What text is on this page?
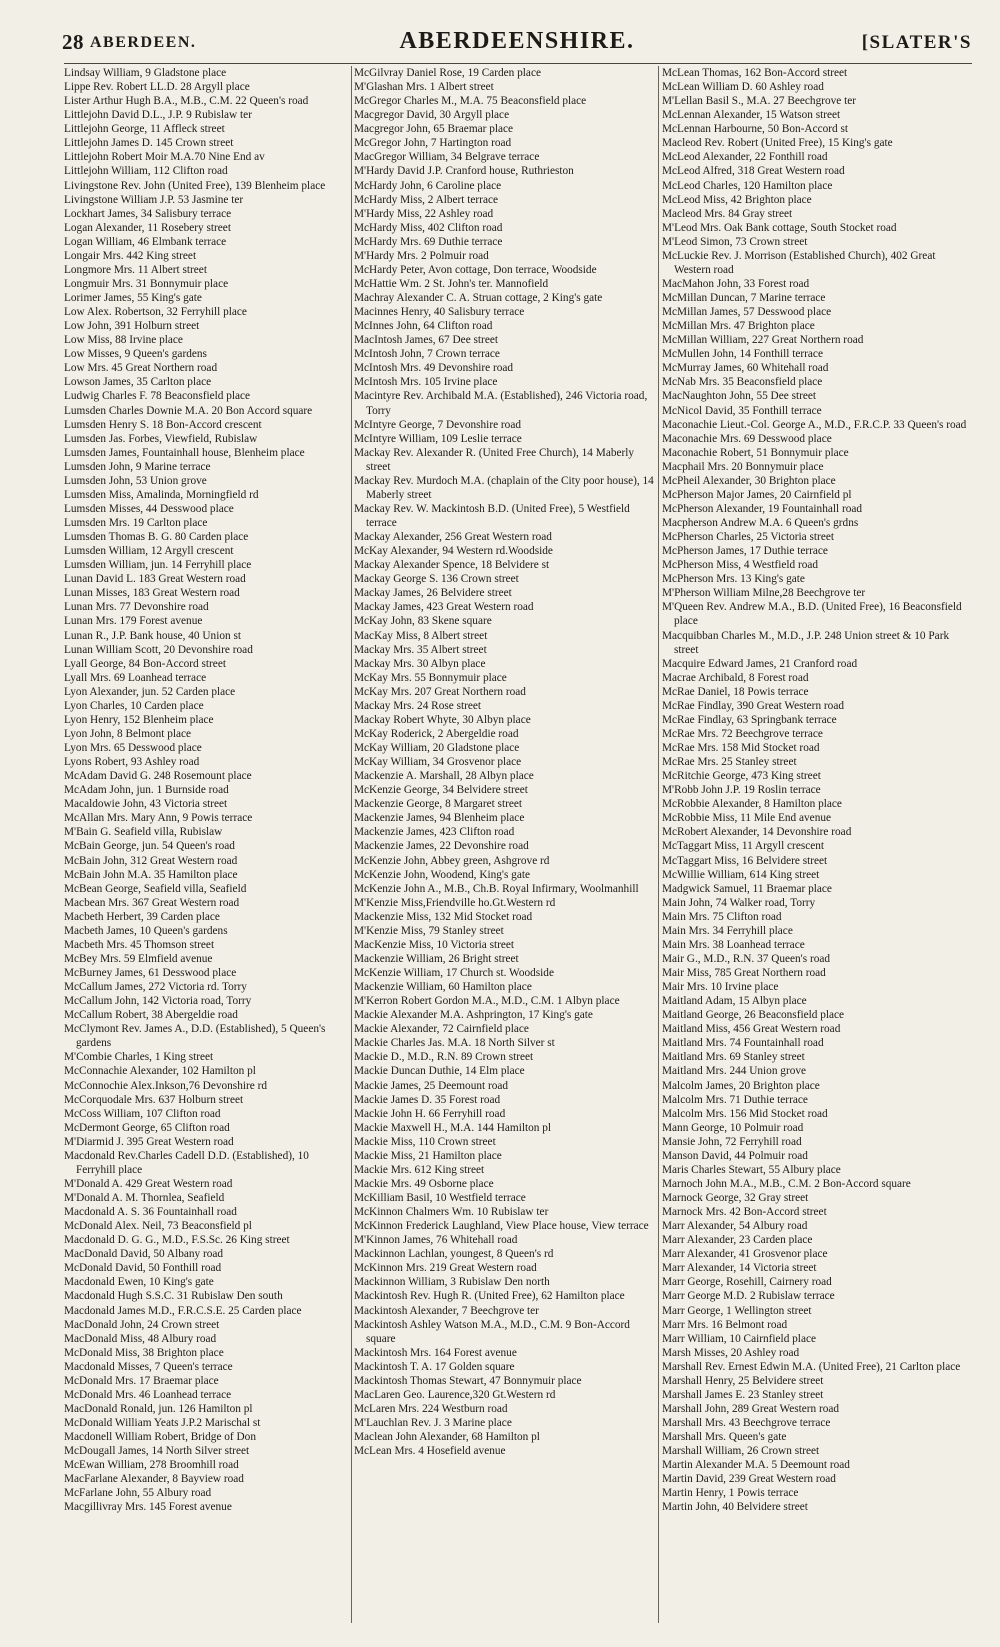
28 ABERDEEN.	ABERDEENSHIRE.	[SLATER'S
Lindsay William, 9 Gladstone place
Lippe Rev. Robert LL.D. 28 Argyll place
Lister Arthur Hugh B.A., M.B., C.M. 22 Queen's road
Littlejohn David D.L., J.P. 9 Rubislaw ter
Littlejohn George, 11 Affleck street
Littlejohn James D. 145 Crown street
Littlejohn Robert Moir M.A.70 Nine End av
Littlejohn William, 112 Clifton road
Livingstone Rev. John (United Free), 139 Blenheim place
Livingstone William J.P. 53 Jasmine ter
Lockhart James, 34 Salisbury terrace
Logan Alexander, 11 Rosebery street
Logan William, 46 Elmbank terrace
Longair Mrs. 442 King street
Longmore Mrs. 11 Albert street
Longmuir Mrs. 31 Bonnymuir place
Lorimer James, 55 King's gate
Low Alex. Robertson, 32 Ferryhill place
Low John, 391 Holburn street
Low Miss, 88 Irvine place
Low Misses, 9 Queen's gardens
Low Mrs. 45 Great Northern road
Lowson James, 35 Carlton place
Ludwig Charles F. 78 Beaconsfield place
Lumsden Charles Downie M.A. 20 Bon Accord square
Lumsden Henry S. 18 Bon-Accord crescent
Lumsden Jas. Forbes, Viewfield, Rubislaw
Lumsden James, Fountainhall house, Blenheim place
Lumsden John, 9 Marine terrace
Lumsden John, 53 Union grove
Lumsden Miss, Amalinda, Morningfield rd
Lumsden Misses, 44 Desswood place
Lumsden Mrs. 19 Carlton place
Lumsden Thomas B. G. 80 Carden place
Lumsden William, 12 Argyll crescent
Lumsden William, jun. 14 Ferryhill place
Lunan David L. 183 Great Western road
Lunan Misses, 183 Great Western road
Lunan Mrs. 77 Devonshire road
Lunan Mrs. 179 Forest avenue
Lunan R., J.P. Bank house, 40 Union st
Lunan William Scott, 20 Devonshire road
Lyall George, 84 Bon-Accord street
Lyall Mrs. 69 Loanhead terrace
Lyon Alexander, jun. 52 Carden place
Lyon Charles, 10 Carden place
Lyon Henry, 152 Blenheim place
Lyon John, 8 Belmont place
Lyon Mrs. 65 Desswood place
Lyons Robert, 93 Ashley road
McAdam David G. 248 Rosemount place
McAdam John, jun. 1 Burnside road
Macaldowie John, 43 Victoria street
McAllan Mrs. Mary Ann, 9 Powis terrace
M'Bain G. Seafield villa, Rubislaw
McBain George, jun. 54 Queen's road
McBain John, 312 Great Western road
McBain John M.A. 35 Hamilton place
McBean George, Seafield villa, Seafield
Macbean Mrs. 367 Great Western road
Macbeth Herbert, 39 Carden place
Macbeth James, 10 Queen's gardens
Macbeth Mrs. 45 Thomson street
McBey Mrs. 59 Elmfield avenue
McBurney James, 61 Desswood place
McCallum James, 272 Victoria rd. Torry
McCallum John, 142 Victoria road, Torry
McCallum Robert, 38 Abergeldie road
McClymont Rev. James A., D.D. (Established), 5 Queen's gardens
M'Combie Charles, 1 King street
McConnachie Alexander, 102 Hamilton pl
McConnochie Alex.Inkson,76 Devonshire rd
McCorquodale Mrs. 637 Holburn street
McCoss William, 107 Clifton road
McDermont George, 65 Clifton road
M'Diarmid J. 395 Great Western road
Macdonald Rev.Charles Cadell D.D. (Established), 10 Ferryhill place
M'Donald A. 429 Great Western road
M'Donald A. M. Thornlea, Seafield
Macdonald A. S. 36 Fountainhall road
McDonald Alex. Neil, 73 Beaconsfield pl
Macdonald D. G. G., M.D., F.S.Sc. 26 King street
MacDonald David, 50 Albany road
McDonald David, 50 Fonthill road
Macdonald Ewen, 10 King's gate
Macdonald Hugh S.S.C. 31 Rubislaw Den south
Macdonald James M.D., F.R.C.S.E. 25 Carden place
MacDonald John, 24 Crown street
MacDonald Miss, 48 Albury road
McDonald Miss, 38 Brighton place
Macdonald Misses, 7 Queen's terrace
McDonald Mrs. 17 Braemar place
McDonald Mrs. 46 Loanhead terrace
MacDonald Ronald, jun. 126 Hamilton pl
McDonald William Yeats J.P.2 Marischal st
Macdonell William Robert, Bridge of Don
McDougall James, 14 North Silver street
McEwan William, 278 Broomhill road
MacFarlane Alexander, 8 Bayview road
McFarlane John, 55 Albury road
Macgillivray Mrs. 145 Forest avenue
McGilvray Daniel Rose, 19 Carden place
M'Glashan Mrs. 1 Albert street
McGregor Charles M., M.A. 75 Beaconsfield place
Macgregor David, 30 Argyll place
Macgregor John, 65 Braemar place
McGregor John, 7 Hartington road
MacGregor William, 34 Belgrave terrace
M'Hardy David J.P. Cranford house, Ruthrieston
McHardy John, 6 Caroline place
McHardy Miss, 2 Albert terrace
M'Hardy Miss, 22 Ashley road
McHardy Miss, 402 Clifton road
McHardy Mrs. 69 Duthie terrace
M'Hardy Mrs. 2 Polmuir road
McHardy Peter, Avon cottage, Don terrace, Woodside
McHattie Wm. 2 St. John's ter. Mannofield
Machray Alexander C. A. Struan cottage, 2 King's gate
Macinnes Henry, 40 Salisbury terrace
McInnes John, 64 Clifton road
MacIntosh James, 67 Dee street
McIntosh John, 7 Crown terrace
McIntosh Mrs. 49 Devonshire road
McIntosh Mrs. 105 Irvine place
Macintyre Rev. Archibald M.A. (Established), 246 Victoria road, Torry
McIntyre George, 7 Devonshire road
McIntyre William, 109 Leslie terrace
Mackay Rev. Alexander R. (United Free Church), 14 Maberly street
Mackay Rev. Murdoch M.A. (chaplain of the City poor house), 14 Maberly street
Mackay Rev. W. Mackintosh B.D. (United Free), 5 Westfield terrace
Mackay Alexander, 256 Great Western road
McKay Alexander, 94 Western rd.Woodside
Mackay Alexander Spence, 18 Belvidere st
Mackay George S. 136 Crown street
Mackay James, 26 Belvidere street
Mackay James, 423 Great Western road
McKay John, 83 Skene square
MacKay Miss, 8 Albert street
Mackay Mrs. 35 Albert street
Mackay Mrs. 30 Albyn place
McKay Mrs. 55 Bonnymuir place
McKay Mrs. 207 Great Northern road
Mackay Mrs. 24 Rose street
Mackay Robert Whyte, 30 Albyn place
McKay Roderick, 2 Abergeldie road
McKay William, 20 Gladstone place
McKay William, 34 Grosvenor place
Mackenzie A. Marshall, 28 Albyn place
McKenzie George, 34 Belvidere street
Mackenzie George, 8 Margaret street
Mackenzie James, 94 Blenheim place
Mackenzie James, 423 Clifton road
Mackenzie James, 22 Devonshire road
McKenzie John, Abbey green, Ashgrove rd
McKenzie John, Woodend, King's gate
McKenzie John A., M.B., Ch.B. Royal Infirmary, Woolmanhill
M'Kenzie Miss,Friendville ho.Gt.Western rd
Mackenzie Miss, 132 Mid Stocket road
M'Kenzie Miss, 79 Stanley street
MacKenzie Miss, 10 Victoria street
Mackenzie William, 26 Bright street
McKenzie William, 17 Church st. Woodside
Mackenzie William, 60 Hamilton place
M'Kerron Robert Gordon M.A., M.D., C.M. 1 Albyn place
Mackie Alexander M.A. Ashprington, 17 King's gate
Mackie Alexander, 72 Cairnfield place
Mackie Charles Jas. M.A. 18 North Silver st
Mackie D., M.D., R.N. 89 Crown street
Mackie Duncan Duthie, 14 Elm place
Mackie James, 25 Deemount road
Mackie James D. 35 Forest road
Mackie John H. 66 Ferryhill road
Mackie Maxwell H., M.A. 144 Hamilton pl
Mackie Miss, 110 Crown street
Mackie Miss, 21 Hamilton place
Mackie Mrs. 612 King street
Mackie Mrs. 49 Osborne place
McKilliam Basil, 10 Westfield terrace
McKinnon Chalmers Wm. 10 Rubislaw ter
McKinnon Frederick Laughland, View Place house, View terrace
M'Kinnon James, 76 Whitehall road
Mackinnon Lachlan, youngest, 8 Queen's rd
McKinnon Mrs. 219 Great Western road
Mackinnon William, 3 Rubislaw Den north
Mackintosh Rev. Hugh R. (United Free), 62 Hamilton place
Mackintosh Alexander, 7 Beechgrove ter
Mackintosh Ashley Watson M.A., M.D., C.M. 9 Bon-Accord square
Mackintosh Mrs. 164 Forest avenue
Mackintosh T. A. 17 Golden square
Mackintosh Thomas Stewart, 47 Bonnymuir place
MacLaren Geo. Laurence,320 Gt.Western rd
McLaren Mrs. 224 Westburn road
M'Lauchlan Rev. J. 3 Marine place
Maclean John Alexander, 68 Hamilton pl
McLean Mrs. 4 Hosefield avenue
McLean Thomas, 162 Bon-Accord street
McLean William D. 60 Ashley road
M'Lellan Basil S., M.A. 27 Beechgrove ter
McLennan Alexander, 15 Watson street
McLennan Harbourne, 50 Bon-Accord st
Macleod Rev. Robert (United Free), 15 King's gate
McLeod Alexander, 22 Fonthill road
McLeod Alfred, 318 Great Western road
McLeod Charles, 120 Hamilton place
McLeod Miss, 42 Brighton place
Macleod Mrs. 84 Gray street
M'Leod Mrs. Oak Bank cottage, South Stocket road
M'Leod Simon, 73 Crown street
McLuckie Rev. J. Morrison (Established Church), 402 Great Western road
MacMahon John, 33 Forest road
McMillan Duncan, 7 Marine terrace
McMillan James, 57 Desswood place
McMillan Mrs. 47 Brighton place
McMillan William, 227 Great Northern road
McMullen John, 14 Fonthill terrace
McMurray James, 60 Whitehall road
McNab Mrs. 35 Beaconsfield place
MacNaughton John, 55 Dee street
McNicol David, 35 Fonthill terrace
Maconachie Lieut.-Col. George A., M.D., F.R.C.P. 33 Queen's road
Maconachie Mrs. 69 Desswood place
Maconachie Robert, 51 Bonnymuir place
Macphail Mrs. 20 Bonnymuir place
McPheil Alexander, 30 Brighton place
McPherson Major James, 20 Cairnfield pl
McPherson Alexander, 19 Fountainhall road
Macpherson Andrew M.A. 6 Queen's grdns
McPherson Charles, 25 Victoria street
McPherson James, 17 Duthie terrace
McPherson Miss, 4 Westfield road
McPherson Mrs. 13 King's gate
M'Pherson William Milne,28 Beechgrove ter
M'Queen Rev. Andrew M.A., B.D. (United Free), 16 Beaconsfield place
Macquibban Charles M., M.D., J.P. 248 Union street & 10 Park street
Macquire Edward James, 21 Cranford road
Macrae Archibald, 8 Forest road
McRae Daniel, 18 Powis terrace
McRae Findlay, 390 Great Western road
McRae Findlay, 63 Springbank terrace
McRae Mrs. 72 Beechgrove terrace
McRae Mrs. 158 Mid Stocket road
McRae Mrs. 25 Stanley street
McRitchie George, 473 King street
M'Robb John J.P. 19 Roslin terrace
McRobbie Alexander, 8 Hamilton place
McRobbie Miss, 11 Mile End avenue
McRobert Alexander, 14 Devonshire road
McTaggart Miss, 11 Argyll crescent
McTaggart Miss, 16 Belvidere street
McWillie William, 614 King street
Madgwick Samuel, 11 Braemar place
Main John, 74 Walker road, Torry
Main Mrs. 75 Clifton road
Main Mrs. 34 Ferryhill place
Main Mrs. 38 Loanhead terrace
Mair G., M.D., R.N. 37 Queen's road
Mair Miss, 785 Great Northern road
Mair Mrs. 10 Irvine place
Maitland Adam, 15 Albyn place
Maitland George, 26 Beaconsfield place
Maitland Miss, 456 Great Western road
Maitland Mrs. 74 Fountainhall road
Maitland Mrs. 69 Stanley street
Maitland Mrs. 244 Union grove
Malcolm James, 20 Brighton place
Malcolm Mrs. 71 Duthie terrace
Malcolm Mrs. 156 Mid Stocket road
Mann George, 10 Polmuir road
Mansie John, 72 Ferryhill road
Manson David, 44 Polmuir road
Maris Charles Stewart, 55 Albury place
Marnoch John M.A., M.B., C.M. 2 Bon-Accord square
Marnock George, 32 Gray street
Marnock Mrs. 42 Bon-Accord street
Marr Alexander, 54 Albury road
Marr Alexander, 23 Carden place
Marr Alexander, 41 Grosvenor place
Marr Alexander, 14 Victoria street
Marr George, Rosehill, Cairnery road
Marr George M.D. 2 Rubislaw terrace
Marr George, 1 Wellington street
Marr Mrs. 16 Belmont road
Marr William, 10 Cairnfield place
Marsh Misses, 20 Ashley road
Marshall Rev. Ernest Edwin M.A. (United Free), 21 Carlton place
Marshall Henry, 25 Belvidere street
Marshall James E. 23 Stanley street
Marshall John, 289 Great Western road
Marshall Mrs. 43 Beechgrove terrace
Marshall Mrs. Queen's gate
Marshall William, 26 Crown street
Martin Alexander M.A. 5 Deemount road
Martin David, 239 Great Western road
Martin Henry, 1 Powis terrace
Martin John, 40 Belvidere street
